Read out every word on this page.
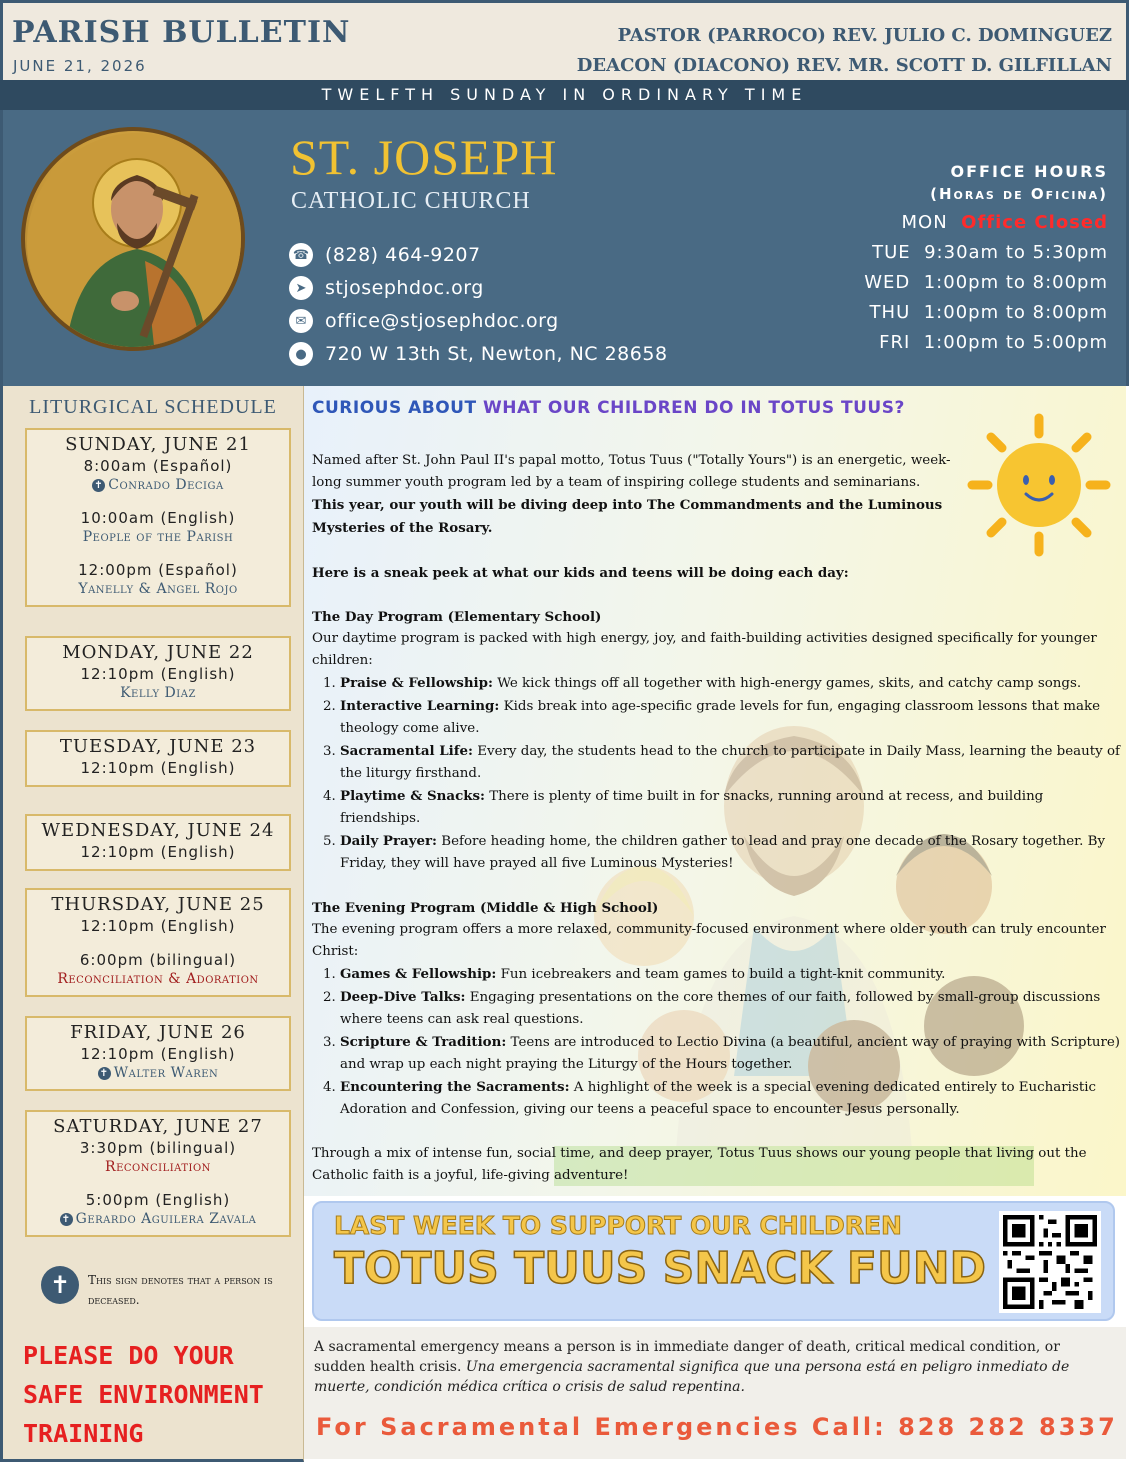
PARISH BULLETIN
JUNE 21, 2026
PASTOR (PARROCO) REV. JULIO C. DOMINGUEZ
DEACON (DIACONO) REV. MR. SCOTT D. GILFILLAN
TWELFTH SUNDAY IN ORDINARY TIME
ST. JOSEPH
CATHOLIC CHURCH
☎ (828) 464-9207
➤ stjosephdoc.org
✉ office@stjosephdoc.org
● 720 W 13th St, Newton, NC 28658
OFFICE HOURS
(Horas de Oficina)
MON Office Closed
TUE 9:30am to 5:30pm
WED 1:00pm to 8:00pm
THU 1:00pm to 8:00pm
FRI 1:00pm to 5:00pm
LITURGICAL SCHEDULE
SUNDAY, JUNE 21
8:00am (Español)
✝ Conrado Deciga
10:00am (English)
People of the Parish
12:00pm (Español)
Yanelly & Angel Rojo
MONDAY, JUNE 22
12:10pm (English)
Kelly Diaz
TUESDAY, JUNE 23
12:10pm (English)
WEDNESDAY, JUNE 24
12:10pm (English)
THURSDAY, JUNE 25
12:10pm (English)
6:00pm (bilingual)
Reconciliation & Adoration
FRIDAY, JUNE 26
12:10pm (English)
✝ Walter Waren
SATURDAY, JUNE 27
3:30pm (bilingual)
Reconciliation
5:00pm (English)
✝ Gerardo Aguilera Zavala
✝	This sign denotes that a person is deceased.
PLEASE DO YOUR
SAFE ENVIRONMENT
TRAINING
CURIOUS ABOUT WHAT OUR CHILDREN DO IN TOTUS TUUS?

Named after St. John Paul II's papal motto, Totus Tuus ("Totally Yours") is an energetic, week-long summer youth program led by a team of inspiring college students and seminarians. This year, our youth will be diving deep into The Commandments and the Luminous Mysteries of the Rosary.

Here is a sneak peek at what our kids and teens will be doing each day:

The Day Program (Elementary School)

Our daytime program is packed with high energy, joy, and faith-building activities designed specifically for younger children:

1. Praise & Fellowship: We kick things off all together with high-energy games, skits, and catchy camp songs.
2. Interactive Learning: Kids break into age-specific grade levels for fun, engaging classroom lessons that make theology come alive.
3. Sacramental Life: Every day, the students head to the church to participate in Daily Mass, learning the beauty of the liturgy firsthand.
4. Playtime & Snacks: There is plenty of time built in for snacks, running around at recess, and building friendships.
5. Daily Prayer: Before heading home, the children gather to lead and pray one decade of the Rosary together. By Friday, they will have prayed all five Luminous Mysteries!

The Evening Program (Middle & High School)

The evening program offers a more relaxed, community-focused environment where older youth can truly encounter Christ:

1. Games & Fellowship: Fun icebreakers and team games to build a tight-knit community.
2. Deep-Dive Talks: Engaging presentations on the core themes of our faith, followed by small-group discussions where teens can ask real questions.
3. Scripture & Tradition: Teens are introduced to Lectio Divina (a beautiful, ancient way of praying with Scripture) and wrap up each night praying the Liturgy of the Hours together.
4. Encountering the Sacraments: A highlight of the week is a special evening dedicated entirely to Eucharistic Adoration and Confession, giving our teens a peaceful space to encounter Jesus personally.

Through a mix of intense fun, social time, and deep prayer, Totus Tuus shows our young people that living out the Catholic faith is a joyful, life-giving adventure!

LAST WEEK TO SUPPORT OUR CHILDREN
TOTUS TUUS SNACK FUND
A sacramental emergency means a person is in immediate danger of death, critical medical condition, or sudden health crisis. Una emergencia sacramental significa que una persona está en peligro inmediato de muerte, condición médica crítica o crisis de salud repentina.
For Sacramental Emergencies Call: 828 282 8337
